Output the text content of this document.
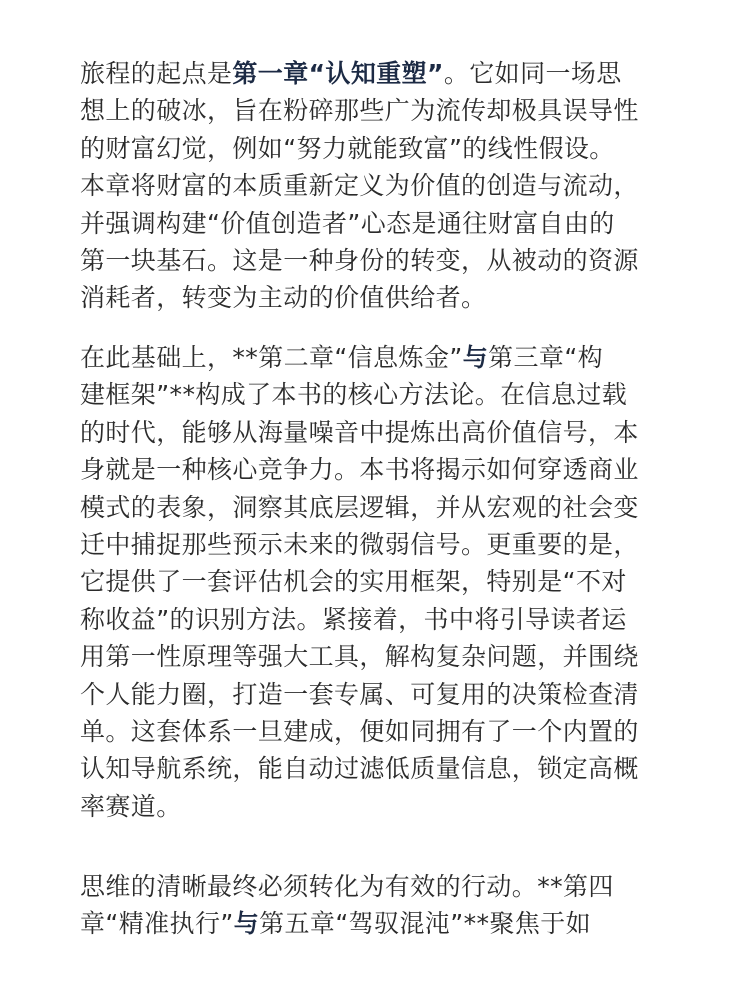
旅程的起点是第一章“认知重塑”。它如同一场思
想上的破冰，旨在粉碎那些广为流传却极具误导性
的财富幻觉，例如“努力就能致富”的线性假设。
本章将财富的本质重新定义为价值的创造与流动，
并强调构建“价值创造者”心态是通往财富自由的
第一块基石。这是一种身份的转变，从被动的资源
消耗者，转变为主动的价值供给者。
在此基础上，**第二章“信息炼金”与第三章“构
建框架”**构成了本书的核心方法论。在信息过载
的时代，能够从海量噪音中提炼出高价值信号，本
身就是一种核心竞争力。本书将揭示如何穿透商业
模式的表象，洞察其底层逻辑，并从宏观的社会变
迁中捕捉那些预示未来的微弱信号。更重要的是，
它提供了一套评估机会的实用框架，特别是“不对
称收益”的识别方法。紧接着，书中将引导读者运
用第一性原理等强大工具，解构复杂问题，并围绕
个人能力圈，打造一套专属、可复用的决策检查清
单。这套体系一旦建成，便如同拥有了一个内置的
认知导航系统，能自动过滤低质量信息，锁定高概
率赛道。
思维的清晰最终必须转化为有效的行动。**第四
章“精准执行”与第五章“驾驭混沌”**聚焦于如
